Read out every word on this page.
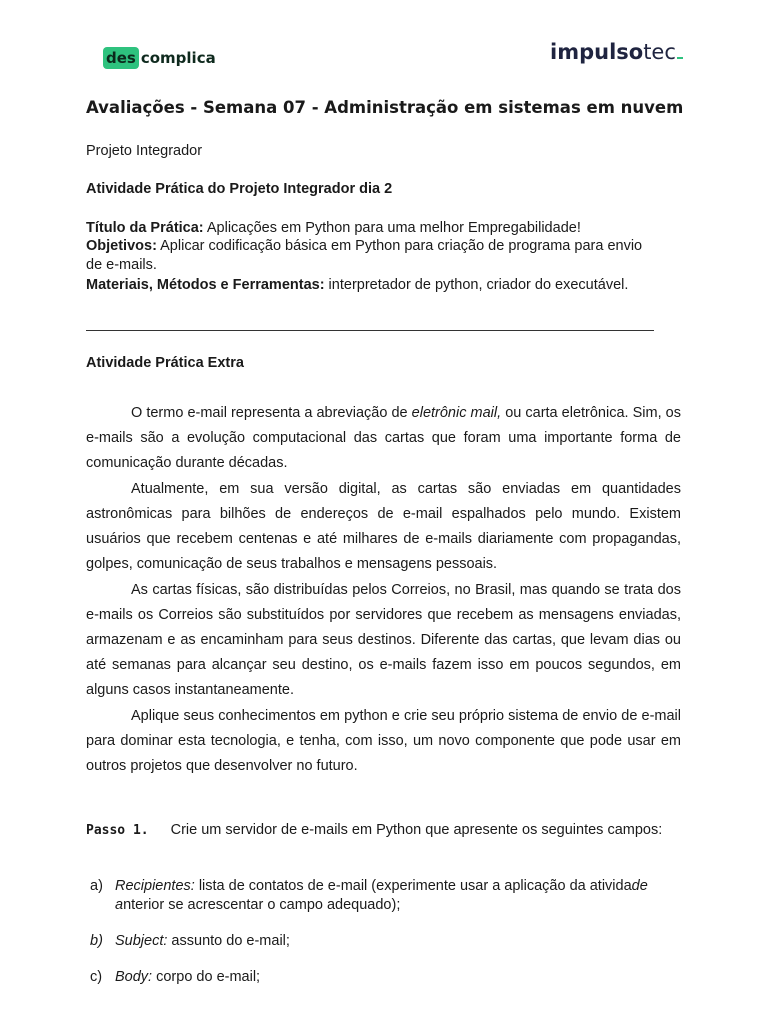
des complica	impulsotec
Avaliações - Semana 07 - Administração em sistemas em nuvem
Projeto Integrador
Atividade Prática do Projeto Integrador dia 2
Título da Prática: Aplicações em Python para uma melhor Empregabilidade!
Objetivos: Aplicar codificação básica em Python para criação de programa para envio
de e-mails.
Materiais, Métodos e Ferramentas: interpretador de python, criador do executável.
Atividade Prática Extra
O termo e-mail representa a abreviação de eletrônic mail, ou carta eletrônica. Sim, os e-mails são a evolução computacional das cartas que foram uma importante forma de comunicação durante décadas.
Atualmente, em sua versão digital, as cartas são enviadas em quantidades astronômicas para bilhões de endereços de e-mail espalhados pelo mundo. Existem usuários que recebem centenas e até milhares de e-mails diariamente com propagandas, golpes, comunicação de seus trabalhos e mensagens pessoais.
As cartas físicas, são distribuídas pelos Correios, no Brasil, mas quando se trata dos e-mails os Correios são substituídos por servidores que recebem as mensagens enviadas, armazenam e as encaminham para seus destinos. Diferente das cartas, que levam dias ou até semanas para alcançar seu destino, os e-mails fazem isso em poucos segundos, em alguns casos instantaneamente.
Aplique seus conhecimentos em python e crie seu próprio sistema de envio de e-mail para dominar esta tecnologia, e tenha, com isso, um novo componente que pode usar em outros projetos que desenvolver no futuro.
Passo 1. Crie um servidor de e-mails em Python que apresente os seguintes campos:
a) Recipientes: lista de contatos de e-mail (experimente usar a aplicação da atividade
anterior se acrescentar o campo adequado);
b) Subject: assunto do e-mail;
c) Body: corpo do e-mail;
